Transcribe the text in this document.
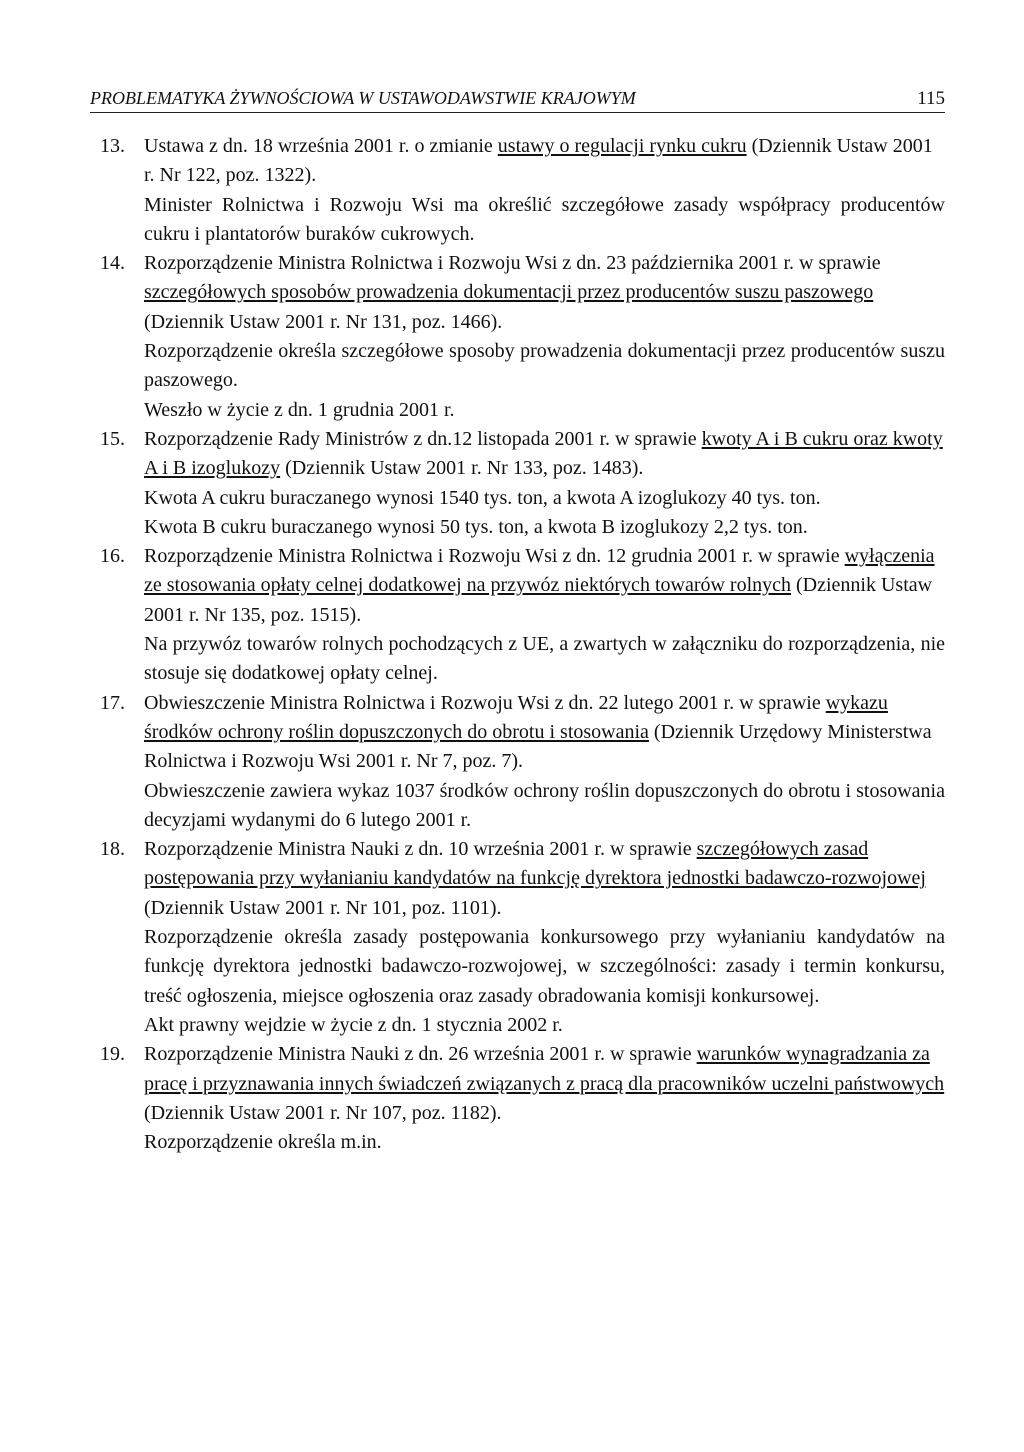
PROBLEMATYKA ŻYWNOŚCIOWA W USTAWODAWSTWIE KRAJOWYM	115
13. Ustawa z dn. 18 września 2001 r. o zmianie ustawy o regulacji rynku cukru (Dziennik Ustaw 2001 r. Nr 122, poz. 1322).

Minister Rolnictwa i Rozwoju Wsi ma określić szczegółowe zasady współpracy producentów cukru i plantatorów buraków cukrowych.

14. Rozporządzenie Ministra Rolnictwa i Rozwoju Wsi z dn. 23 października 2001 r. w sprawie szczegółowych sposobów prowadzenia dokumentacji przez producentów suszu paszowego (Dziennik Ustaw 2001 r. Nr 131, poz. 1466).

Rozporządzenie określa szczegółowe sposoby prowadzenia dokumentacji przez producentów suszu paszowego.

Weszło w życie z dn. 1 grudnia 2001 r.

15. Rozporządzenie Rady Ministrów z dn.12 listopada 2001 r. w sprawie kwoty A i B cukru oraz kwoty A i B izoglukozy (Dziennik Ustaw 2001 r. Nr 133, poz. 1483).

Kwota A cukru buraczanego wynosi 1540 tys. ton, a kwota A izoglukozy 40 tys. ton.

Kwota B cukru buraczanego wynosi 50 tys. ton, a kwota B izoglukozy 2,2 tys. ton.

16. Rozporządzenie Ministra Rolnictwa i Rozwoju Wsi z dn. 12 grudnia 2001 r. w sprawie wyłączenia ze stosowania opłaty celnej dodatkowej na przywóz niektórych towarów rolnych (Dziennik Ustaw 2001 r. Nr 135, poz. 1515).

Na przywóz towarów rolnych pochodzących z UE, a zwartych w załączniku do rozporządzenia, nie stosuje się dodatkowej opłaty celnej.

17. Obwieszczenie Ministra Rolnictwa i Rozwoju Wsi z dn. 22 lutego 2001 r. w sprawie wykazu środków ochrony roślin dopuszczonych do obrotu i stosowania (Dziennik Urzędowy Ministerstwa Rolnictwa i Rozwoju Wsi 2001 r. Nr 7, poz. 7).

Obwieszczenie zawiera wykaz 1037 środków ochrony roślin dopuszczonych do obrotu i stosowania decyzjami wydanymi do 6 lutego 2001 r.

18. Rozporządzenie Ministra Nauki z dn. 10 września 2001 r. w sprawie szczegółowych zasad postępowania przy wyłanianiu kandydatów na funkcję dyrektora jednostki badawczo-rozwojowej (Dziennik Ustaw 2001 r. Nr 101, poz. 1101).

Rozporządzenie określa zasady postępowania konkursowego przy wyłanianiu kandydatów na funkcję dyrektora jednostki badawczo-rozwojowej, w szczególności: zasady i termin konkursu, treść ogłoszenia, miejsce ogłoszenia oraz zasady obradowania komisji konkursowej.

Akt prawny wejdzie w życie z dn. 1 stycznia 2002 r.

19. Rozporządzenie Ministra Nauki z dn. 26 września 2001 r. w sprawie warunków wynagradzania za pracę i przyznawania innych świadczeń związanych z pracą dla pracowników uczelni państwowych (Dziennik Ustaw 2001 r. Nr 107, poz. 1182).

Rozporządzenie określa m.in.
